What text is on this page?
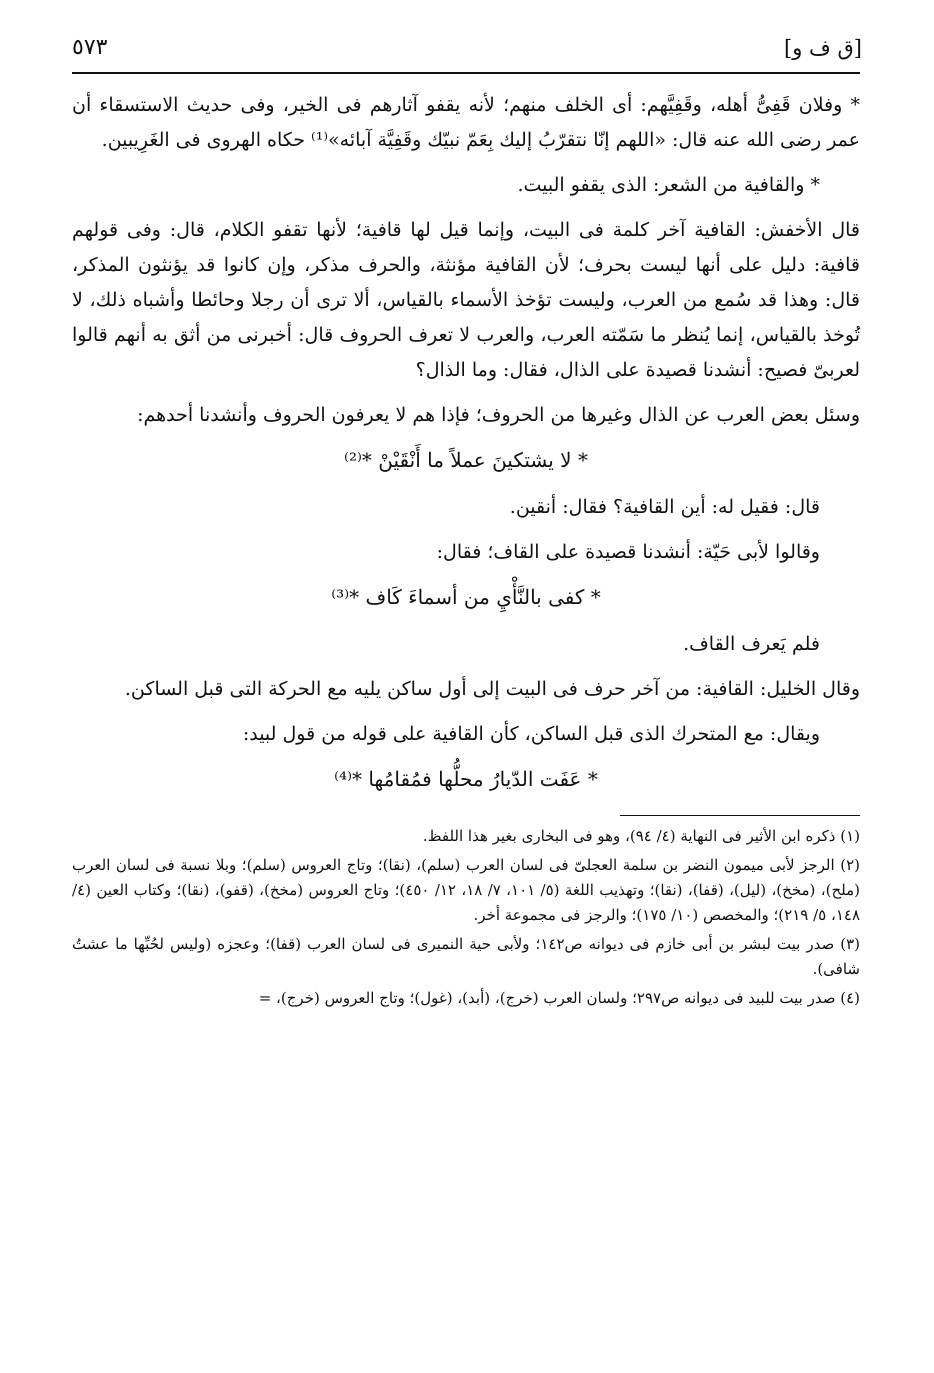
[ق ف و]
٥٧٣

* وفلان قَفِىُّ أهله، وقَفِيَّهم: أى الخلف منهم؛ لأنه يقفو آثارهم فى الخير، وفى حديث الاستسقاء أن عمر رضى الله عنه قال: «اللهم إنّا نتقرّبُ إليك بِعَمّ نبيّك وقَفِيَّة آبائه»⁽¹⁾ حكاه الهروى فى الغَرِيبين.

* والقافية من الشعر: الذى يقفو البيت.

قال الأخفش: القافية آخر كلمة فى البيت، وإنما قيل لها قافية؛ لأنها تقفو الكلام، قال: وفى قولهم قافية: دليل على أنها ليست بحرف؛ لأن القافية مؤنثة، والحرف مذكر، وإن كانوا قد يؤنثون المذكر، قال: وهذا قد سُمع من العرب، وليست تؤخذ الأسماء بالقياس، ألا ترى أن رجلا وحائطا وأشباه ذلك، لا تُوخذ بالقياس، إنما يُنظر ما سَمّته العرب، والعرب لا تعرف الحروف قال: أخبرنى من أثق به أنهم قالوا لعربىّ فصيح: أنشدنا قصيدة على الذال، فقال: وما الذال؟

وسئل بعض العرب عن الذال وغيرها من الحروف؛ فإذا هم لا يعرفون الحروف وأنشدنا أحدهم:

* لا يشتكينَ عملاً ما أَنْقَيْنْ *⁽²⁾

قال: فقيل له: أين القافية؟ فقال: أنقين.

وقالوا لأبى حَيّة: أنشدنا قصيدة على القاف؛ فقال:

* كفى بالنَّأْيِ من أسماءَ كَاف *⁽³⁾

فلم يَعرف القاف.

وقال الخليل: القافية: من آخر حرف فى البيت إلى أول ساكن يليه مع الحركة التى قبل الساكن.

ويقال: مع المتحرك الذى قبل الساكن، كأن القافية على قوله من قول لبيد:

* عَفَت الدّيارُ محلُّها فمُقامُها *⁽⁴⁾

(١) ذكره ابن الأثير فى النهاية (٤/ ٩٤)، وهو فى البخارى بغير هذا اللفظ.

(٢) الرجز لأبى ميمون النضر بن سلمة العجلىّ فى لسان العرب (سلم)، (نقا)؛ وتاج العروس (سلم)؛ وبلا نسبة فى لسان العرب (ملح)، (مخخ)، (ليل)، (قفا)، (نقا)؛ وتهذيب اللغة (٥/ ١٠١، ٧/ ١٨، ١٢/ ٤٥٠)؛ وتاج العروس (مخخ)، (قفو)، (نقا)؛ وكتاب العين (٤/ ١٤٨، ٥/ ٢١٩)؛ والمخصص (١٠/ ١٧٥)؛ والرجز فى مجموعة أخر.

(٣) صدر بيت لبشر بن أبى خازم فى ديوانه ص١٤٢؛ ولأبى حية النميرى فى لسان العرب (قفا)؛ وعجزه (وليس لحُبِّها ما عشتُ شافى).

(٤) صدر بيت للبيد فى ديوانه ص٢٩٧؛ ولسان العرب (خرج)، (أبد)، (غول)؛ وتاج العروس (خرج)، =
